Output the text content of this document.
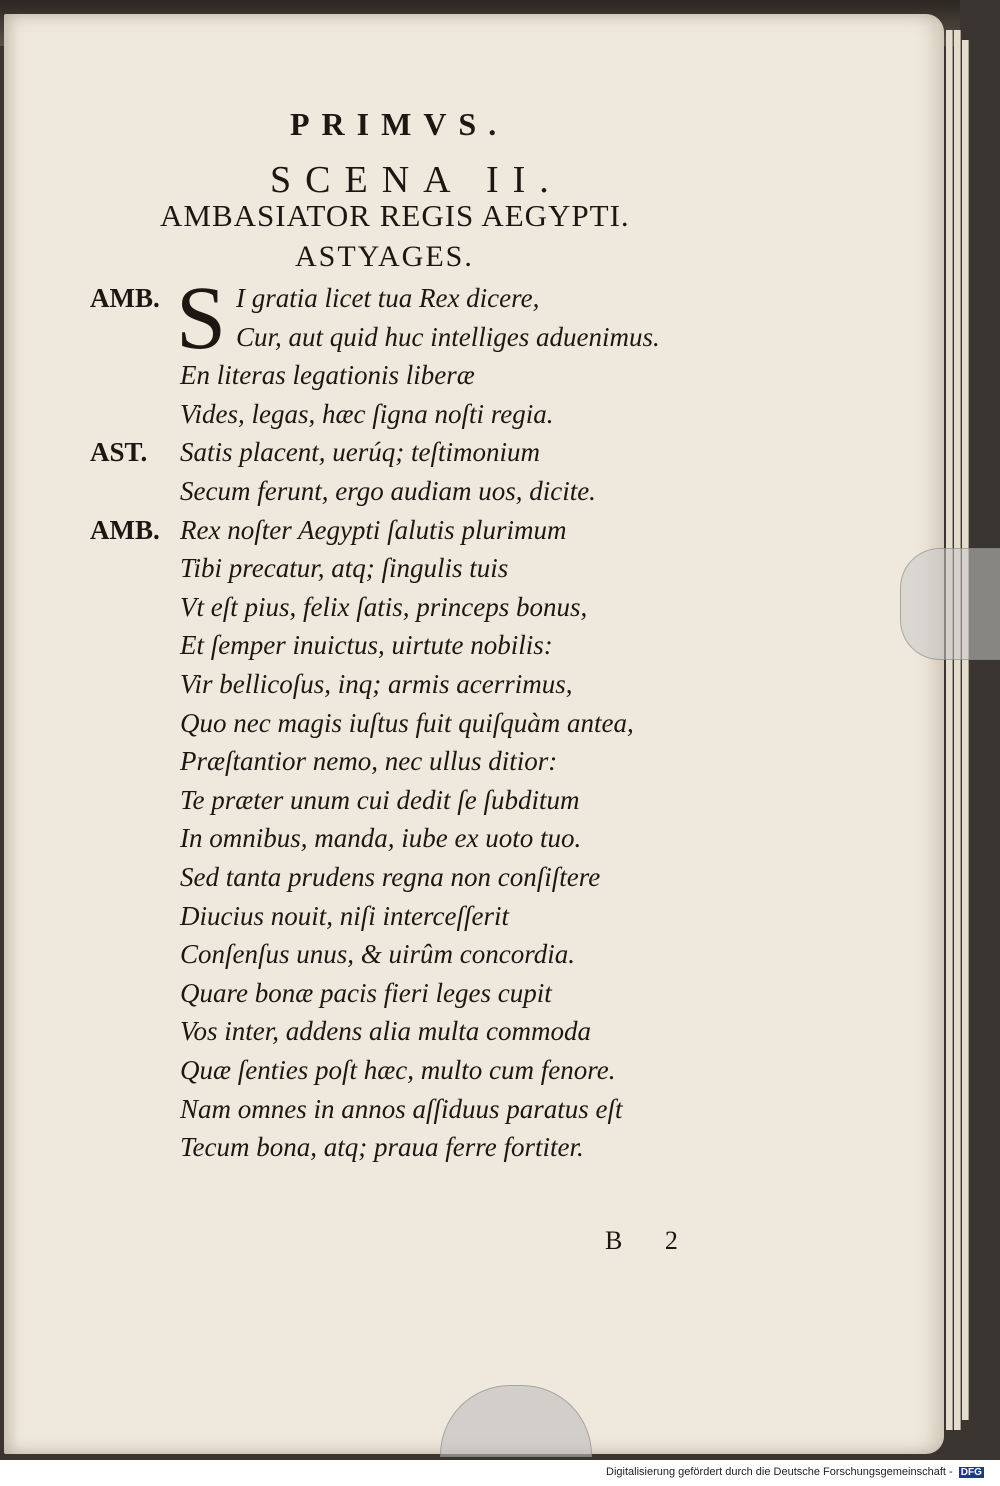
PRIMVS.
SCENA II.
AMBASIATOR REGIS AEGYPTI.
ASTYAGES.
S
AMB.	I gratia licet tua Rex dicere,
Cur, aut quid huc intelliges aduenimus.
En literas legationis liberæ
Vides, legas, hæc ſigna noſti regia.
AST.	Satis placent, uerúq; teſtimonium
Secum ferunt, ergo audiam uos, dicite.
AMB. Rex noſter Aegypti ſalutis plurimum
Tibi precatur, atq; ſingulis tuis
Vt eſt pius, felix ſatis, princeps bonus,
Et ſemper inuictus, uirtute nobilis:
Vir bellicoſus, inq; armis acerrimus,
Quo nec magis iuſtus fuit quiſquàm antea,
Præſtantior nemo, nec ullus ditior:
Te præter unum cui dedit ſe ſubditum
In omnibus, manda, iube ex uoto tuo.
Sed tanta prudens regna non conſiſtere
Diucius nouit, niſi interceſſerit
Conſenſus unus, & uirûm concordia.
Quare bonæ pacis fieri leges cupit
Vos inter, addens alia multa commoda
Quæ ſenties poſt hæc, multo cum fenore.
Nam omnes in annos aſſiduus paratus eſt
Tecum bona, atq; praua ferre fortiter.
B 2
Digitalisierung gefördert durch die Deutsche Forschungsgemeinschaft - DFG
